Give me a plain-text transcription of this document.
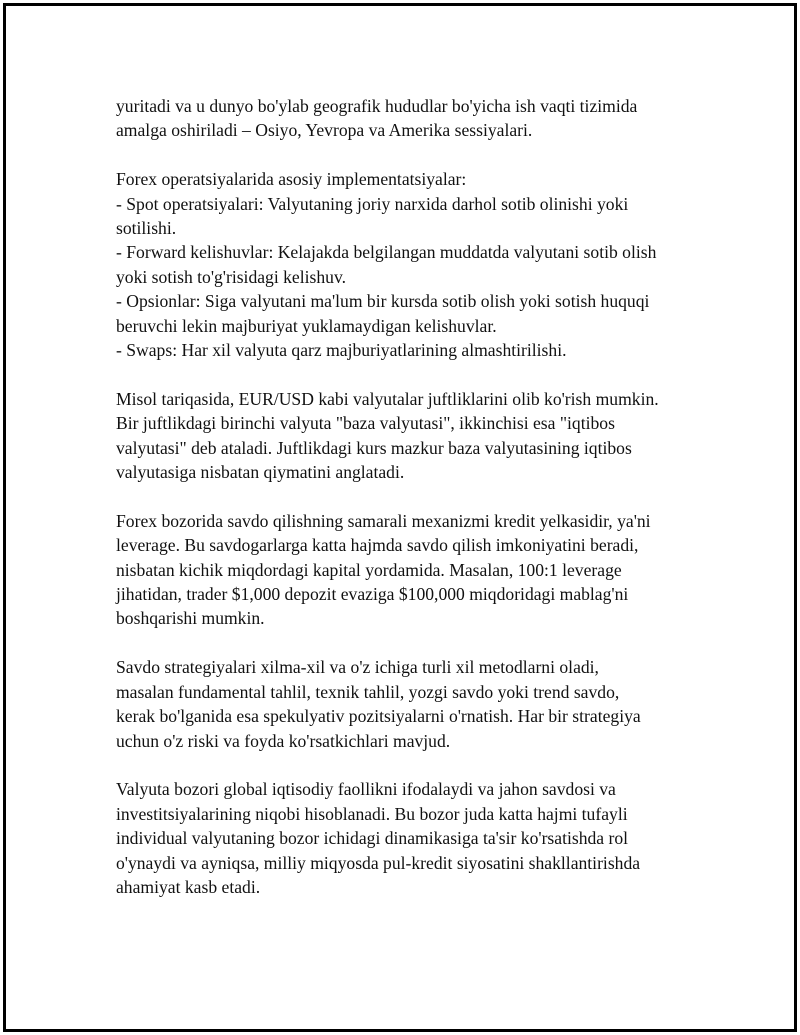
yuritadi va u dunyo bo'ylab geografik hududlar bo'yicha ish vaqti tizimida
amalga oshiriladi – Osiyo, Yevropa va Amerika sessiyalari.

Forex operatsiyalarida asosiy implementatsiyalar:
- Spot operatsiyalari: Valyutaning joriy narxida darhol sotib olinishi yoki
sotilishi.
- Forward kelishuvlar: Kelajakda belgilangan muddatda valyutani sotib olish
yoki sotish to'g'risidagi kelishuv.
- Opsionlar: Siga valyutani ma'lum bir kursda sotib olish yoki sotish huquqi
beruvchi lekin majburiyat yuklamaydigan kelishuvlar.
- Swaps: Har xil valyuta qarz majburiyatlarining almashtirilishi.

Misol tariqasida, EUR/USD kabi valyutalar juftliklarini olib ko'rish mumkin.
Bir juftlikdagi birinchi valyuta "baza valyutasi", ikkinchisi esa "iqtibos
valyutasi" deb ataladi. Juftlikdagi kurs mazkur baza valyutasining iqtibos
valyutasiga nisbatan qiymatini anglatadi.

Forex bozorida savdo qilishning samarali mexanizmi kredit yelkasidir, ya'ni
leverage. Bu savdogarlarga katta hajmda savdo qilish imkoniyatini beradi,
nisbatan kichik miqdordagi kapital yordamida. Masalan, 100:1 leverage
jihatidan, trader $1,000 depozit evaziga $100,000 miqdoridagi mablag'ni
boshqarishi mumkin.

Savdo strategiyalari xilma-xil va o'z ichiga turli xil metodlarni oladi,
masalan fundamental tahlil, texnik tahlil, yozgi savdo yoki trend savdo,
kerak bo'lganida esa spekulyativ pozitsiyalarni o'rnatish. Har bir strategiya
uchun o'z riski va foyda ko'rsatkichlari mavjud.

Valyuta bozori global iqtisodiy faollikni ifodalaydi va jahon savdosi va
investitsiyalarining niqobi hisoblanadi. Bu bozor juda katta hajmi tufayli
individual valyutaning bozor ichidagi dinamikasiga ta'sir ko'rsatishda rol
o'ynaydi va ayniqsa, milliy miqyosda pul-kredit siyosatini shakllantirishda
ahamiyat kasb etadi.
